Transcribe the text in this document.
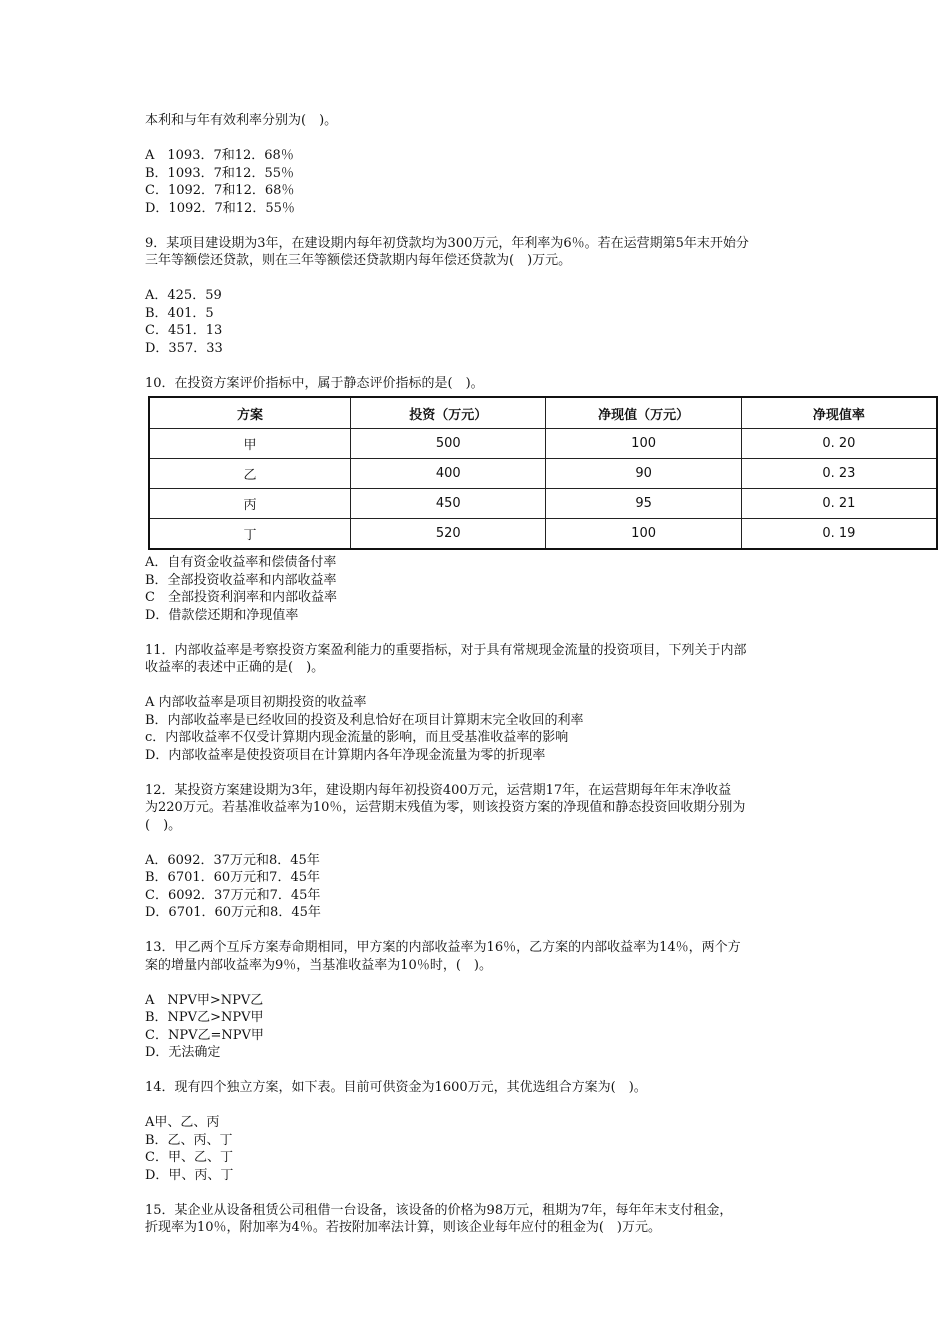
本利和与年有效利率分别为(　)。

A　1093．7和12．68％

B．1093．7和12．55％

C．1092．7和12．68％

D．1092．7和12．55％

9．某项目建设期为3年，在建设期内每年初贷款均为300万元，年利率为6％。若在运营期第5年末开始分

三年等额偿还贷款，则在三年等额偿还贷款期内每年偿还贷款为(　)万元。

A．425．59

B．401．5

C．451．13

D．357．33

10．在投资方案评价指标中，属于静态评价指标的是(　)。

方案	投资（万元）	净现值（万元）	净现值率
甲	500	100	0. 20
乙	400	90	0. 23
丙	450	95	0. 21
丁	520	100	0. 19

A．自有资金收益率和偿债备付率

B．全部投资收益率和内部收益率

C　全部投资利润率和内部收益率

D．借款偿还期和净现值率

11．内部收益率是考察投资方案盈利能力的重要指标，对于具有常规现金流量的投资项目，下列关于内部

收益率的表述中正确的是(　)。

A 内部收益率是项目初期投资的收益率

B．内部收益率是已经收回的投资及利息恰好在项目计算期末完全收回的利率

c．内部收益率不仅受计算期内现金流量的影响，而且受基准收益率的影响

D．内部收益率是使投资项目在计算期内各年净现金流量为零的折现率

12．某投资方案建设期为3年，建设期内每年初投资400万元，运营期17年，在运营期每年年末净收益

为220万元。若基准收益率为10％，运营期末残值为零，则该投资方案的净现值和静态投资回收期分别为

(　)。

A．6092．37万元和8．45年

B．6701．60万元和7．45年

C．6092．37万元和7．45年

D．6701．60万元和8．45年

13．甲乙两个互斥方案寿命期相同，甲方案的内部收益率为16％，乙方案的内部收益率为14％，两个方

案的增量内部收益率为9％，当基准收益率为10％时，(　)。

A　NPV甲>NPV乙

B．NPV乙>NPV甲

C．NPV乙=NPV甲

D．无法确定

14．现有四个独立方案，如下表。目前可供资金为1600万元，其优选组合方案为(　)。

A甲、乙、丙

B．乙、丙、丁

C．甲、乙、丁

D．甲、丙、丁

15．某企业从设备租赁公司租借一台设备，该设备的价格为98万元，租期为7年，每年年末支付租金，

折现率为10％，附加率为4％。若按附加率法计算，则该企业每年应付的租金为(　)万元。
